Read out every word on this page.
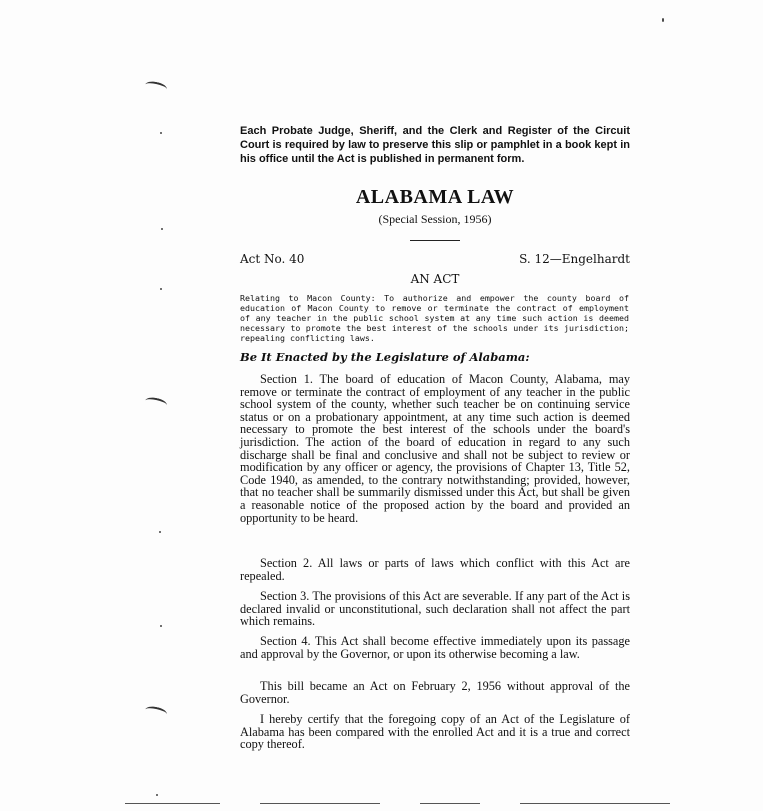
Each Probate Judge, Sheriff, and the Clerk and Register of the Circuit Court is required by law to preserve this slip or pamphlet in a book kept in his office until the Act is published in permanent form.
ALABAMA LAW
(Special Session, 1956)
Act No. 40	S. 12—Engelhardt
AN ACT
Relating to Macon County: To authorize and empower the county board of education of Macon County to remove or terminate the contract of employment of any teacher in the public school system at any time such action is deemed necessary to promote the best interest of the schools under its jurisdiction; repealing conflicting laws.
Be It Enacted by the Legislature of Alabama:
Section 1. The board of education of Macon County, Alabama, may remove or terminate the contract of employment of any teacher in the public school system of the county, whether such teacher be on continuing service status or on a probationary appointment, at any time such action is deemed necessary to promote the best interest of the schools under the board's jurisdiction. The action of the board of education in regard to any such discharge shall be final and conclusive and shall not be subject to review or modification by any officer or agency, the provisions of Chapter 13, Title 52, Code 1940, as amended, to the contrary notwithstanding; provided, however, that no teacher shall be summarily dismissed under this Act, but shall be given a reasonable notice of the proposed action by the board and provided an opportunity to be heard.
Section 2. All laws or parts of laws which conflict with this Act are repealed.
Section 3. The provisions of this Act are severable. If any part of the Act is declared invalid or unconstitutional, such declaration shall not affect the part which remains.
Section 4. This Act shall become effective immediately upon its passage and approval by the Governor, or upon its otherwise becoming a law.
This bill became an Act on February 2, 1956 without approval of the Governor.
I hereby certify that the foregoing copy of an Act of the Legislature of Alabama has been compared with the enrolled Act and it is a true and correct copy thereof.
